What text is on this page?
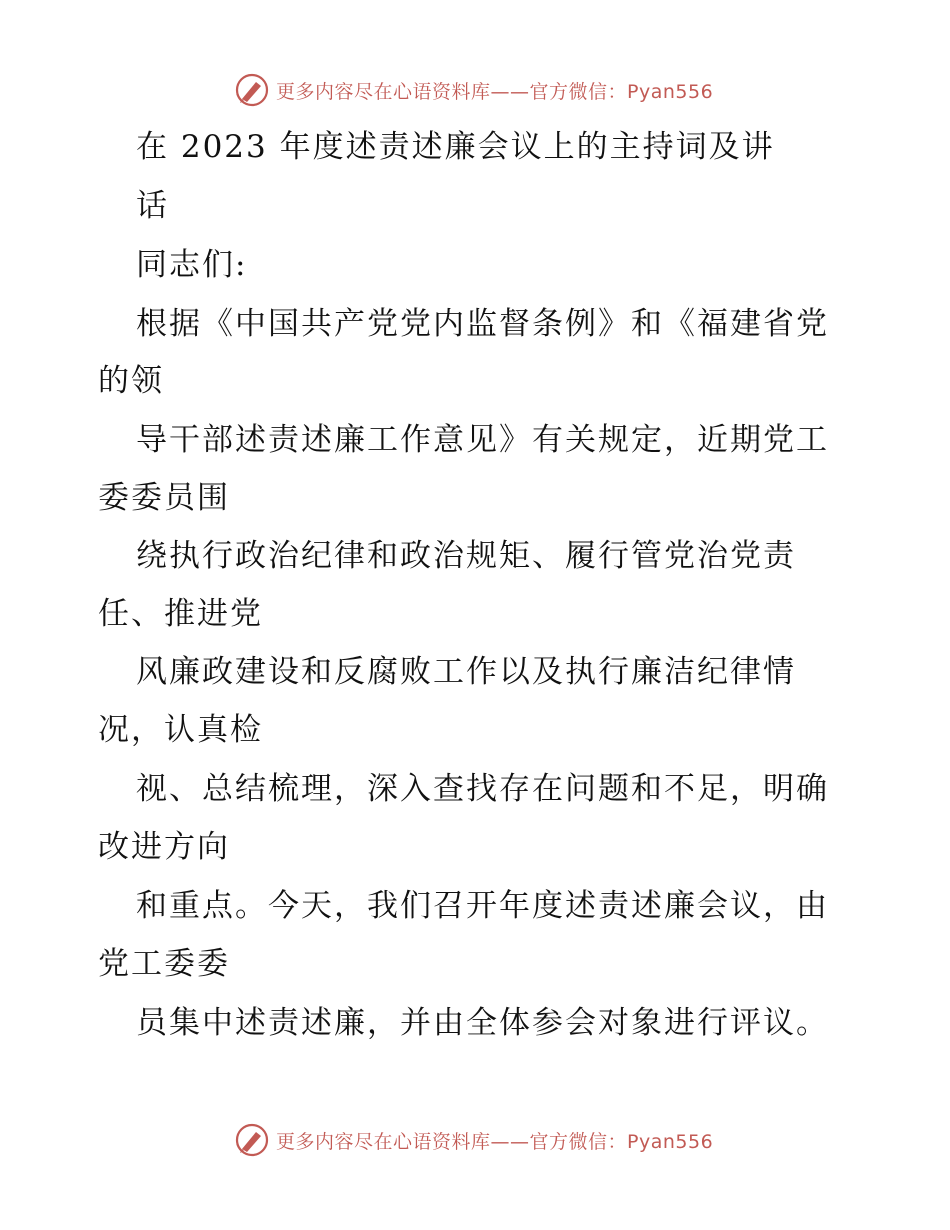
更多内容尽在心语资料库——官方微信：Pyan556
在 2023 年度述责述廉会议上的主持词及讲
话
同志们:
根据《中国共产党党内监督条例》和《福建省党
的领
导干部述责述廉工作意见》有关规定，近期党工
委委员围
绕执行政治纪律和政治规矩、履行管党治党责
任、推进党
风廉政建设和反腐败工作以及执行廉洁纪律情
况，认真检
视、总结梳理，深入查找存在问题和不足，明确
改进方向
和重点。今天，我们召开年度述责述廉会议，由
党工委委
员集中述责述廉，并由全体参会对象进行评议。
更多内容尽在心语资料库——官方微信：Pyan556
